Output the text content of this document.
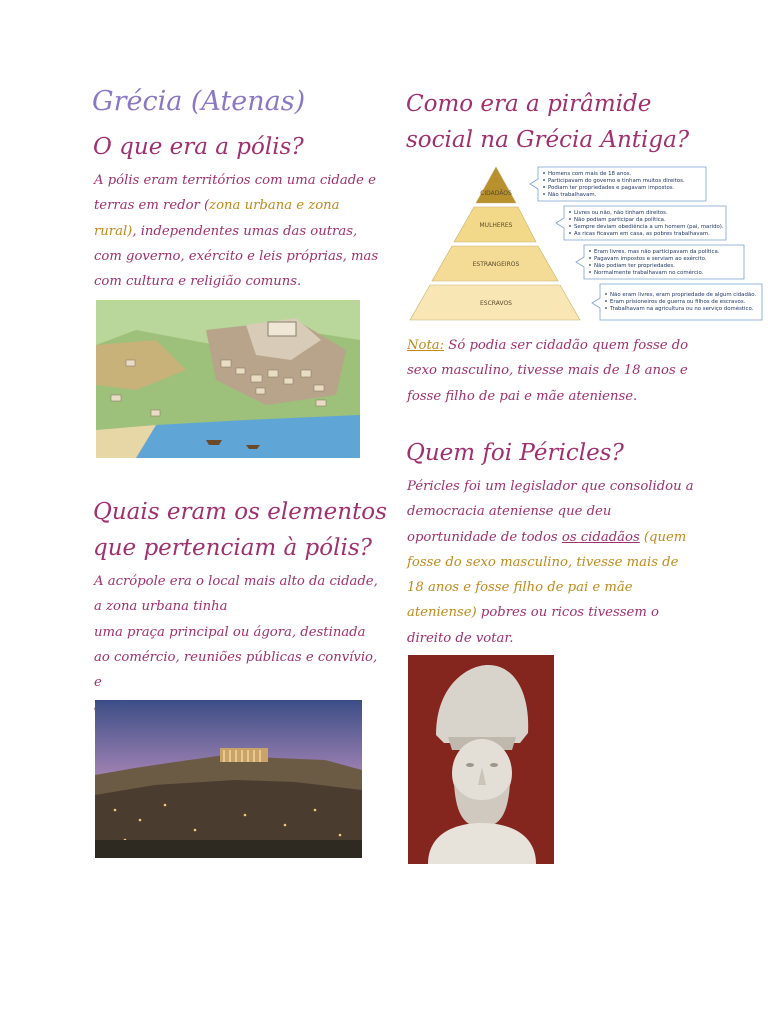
Grécia (Atenas)
O que era a pólis?
A pólis eram territórios com uma cidade e
terras em redor (zona urbana e zona
rural), independentes umas das outras,
com governo, exército e leis próprias, mas
com cultura e religião comuns.
Quais eram os elementos
que pertenciam à pólis?
A acrópole era o local mais alto da cidade,
a zona urbana tinha
uma praça principal ou ágora, destinada
ao comércio, reuniões públicas e convívio, e
Como era a pirâmide
social na Grécia Antiga?
CIDADÃOS
MULHERES
ESTRANGEIROS
ESCRAVOS
Homens com mais de 18 anos.
Participavam do governo e tinham muitos direitos.
Podiam ter propriedades e pagavam impostos.
Não trabalhavam.
Livres ou não, não tinham direitos.
Não podiam participar da política.
Sempre deviam obediência a um homem (pai, marido).
As ricas ficavam em casa, as pobres trabalhavam.
Eram livres, mas não participavam da política.
Pagavam impostos e serviam ao exército.
Não podiam ter propriedades.
Normalmente trabalhavam no comércio.
Não eram livres, eram propriedade de algum cidadão.
Eram prisioneiros de guerra ou filhos de escravos.
Trabalhavam na agricultura ou no serviço doméstico.
Nota: Só podia ser cidadão quem fosse do
sexo masculino, tivesse mais de 18 anos e
fosse filho de pai e mãe ateniense.
Quem foi Péricles?
Péricles foi um legislador que consolidou a
democracia ateniense que deu
oportunidade de todos os cidadãos (quem
fosse do sexo masculino, tivesse mais de
18 anos e fosse filho de pai e mãe
ateniense) pobres ou ricos tivessem o
direito de votar.
